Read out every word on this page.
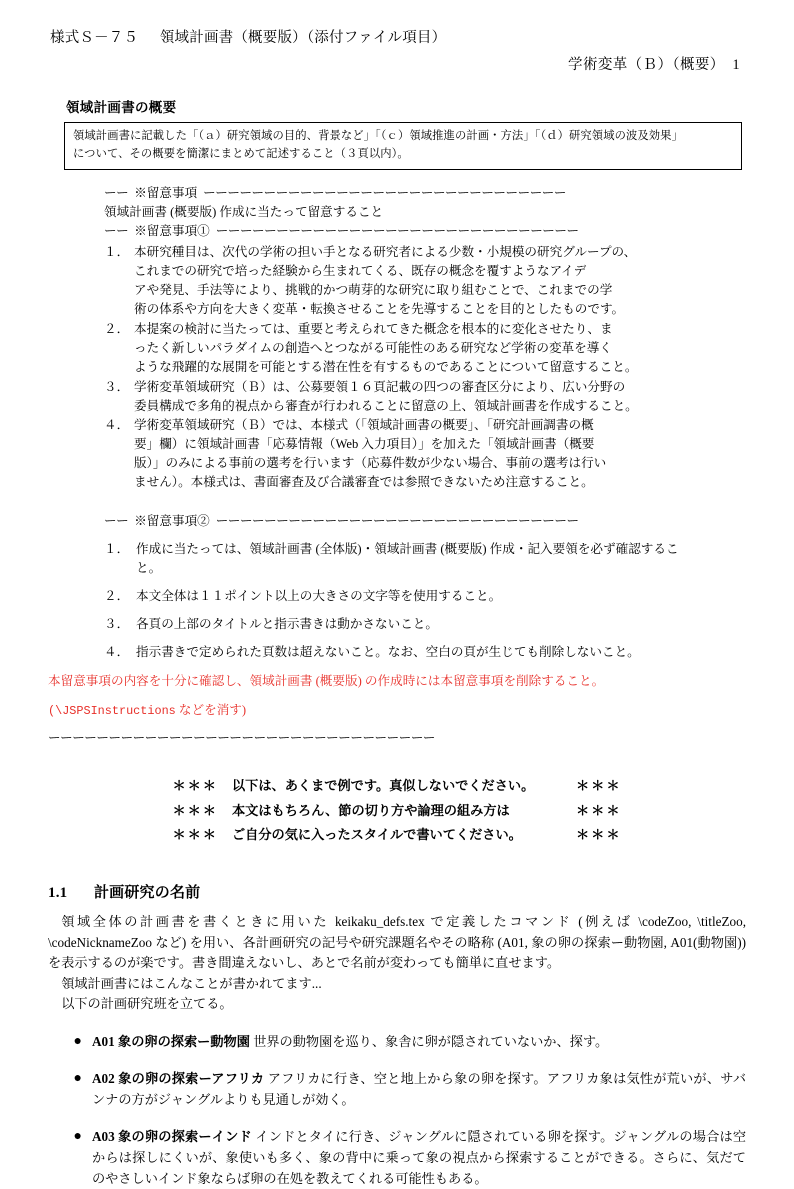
様式Ｓ－７５ 領域計画書（概要版）（添付ファイル項目）
学術変革（Ｂ）（概要）　1
領域計画書の概要
領域計画書に記載した「（ａ）研究領域の目的、背景など」「（ｃ）領域推進の計画・方法」「（ｄ）研究領域の波及効果」
について、その概要を簡潔にまとめて記述すること（３頁以内）。
ーー ※留意事項 ーーーーーーーーーーーーーーーーーーーーーーーーーーーーーー
領域計画書 (概要版) 作成に当たって留意すること
ーー ※留意事項① ーーーーーーーーーーーーーーーーーーーーーーーーーーーーーー
１． 本研究種目は、次代の学術の担い手となる研究者による少数・小規模の研究グループの、
これまでの研究で培った経験から生まれてくる、既存の概念を覆すようなアイデ
アや発見、手法等により、挑戦的かつ萌芽的な研究に取り組むことで、これまでの学
術の体系や方向を大きく変革・転換させることを先導することを目的としたものです。
２． 本提案の検討に当たっては、重要と考えられてきた概念を根本的に変化させたり、ま
ったく新しいパラダイムの創造へとつながる可能性のある研究など学術の変革を導く
ような飛躍的な展開を可能とする潜在性を有するものであることについて留意すること。
３． 学術変革領域研究（Ｂ）は、公募要領１６頁記載の四つの審査区分により、広い分野の
委員構成で多角的視点から審査が行われることに留意の上、領域計画書を作成すること。
４． 学術変革領域研究（Ｂ）では、本様式（「領域計画書の概要」、「研究計画調書の概
要」欄）に領域計画書「応募情報（Web 入力項目）」を加えた「領域計画書（概要
版）」のみによる事前の選考を行います（応募件数が少ない場合、事前の選考は行い
ません）。本様式は、書面審査及び合議審査では参照できないため注意すること。
ーー ※留意事項② ーーーーーーーーーーーーーーーーーーーーーーーーーーーーーー
１． 作成に当たっては、領域計画書 (全体版)・領域計画書 (概要版) 作成・記入要領を必ず確認するこ
と。
２． 本文全体は１１ポイント以上の大きさの文字等を使用すること。
３． 各頁の上部のタイトルと指示書きは動かさないこと。
４． 指示書きで定められた頁数は超えないこと。なお、空白の頁が生じても削除しないこと。
本留意事項の内容を十分に確認し、領域計画書 (概要版) の作成時には本留意事項を削除すること。
(\JSPSInstructions などを消す)
ーーーーーーーーーーーーーーーーーーーーーーーーーーーーーーーー
＊＊＊ 以下は、あくまで例です。真似しないでください。	＊＊＊
＊＊＊ 本文はもちろん、節の切り方や論理の組み方は	＊＊＊
＊＊＊ ご自分の気に入ったスタイルで書いてください。	＊＊＊
1.1 計画研究の名前

領域全体の計画書を書くときに用いた keikaku_defs.tex で定義したコマンド (例えば \codeZoo, \titleZoo, \codeNicknameZoo など) を用い、各計画研究の記号や研究課題名やその略称 (A01, 象の卵の探索ー動物園, A01(動物園)) を表示するのが楽です。書き間違えないし、あとで名前が変わっても簡単に直せます。

領域計画書にはこんなことが書かれてます...

以下の計画研究班を立てる。

● A01 象の卵の探索ー動物園 世界の動物園を巡り、象舎に卵が隠されていないか、探す。
● A02 象の卵の探索ーアフリカ アフリカに行き、空と地上から象の卵を探す。アフリカ象は気性が荒いが、サバンナの方がジャングルよりも見通しが効く。
● A03 象の卵の探索ーインド インドとタイに行き、ジャングルに隠されている卵を探す。ジャングルの場合は空からは探しにくいが、象使いも多く、象の背中に乗って象の視点から探索することができる。さらに、気だてのやさしいインド象ならば卵の在処を教えてくれる可能性もある。
